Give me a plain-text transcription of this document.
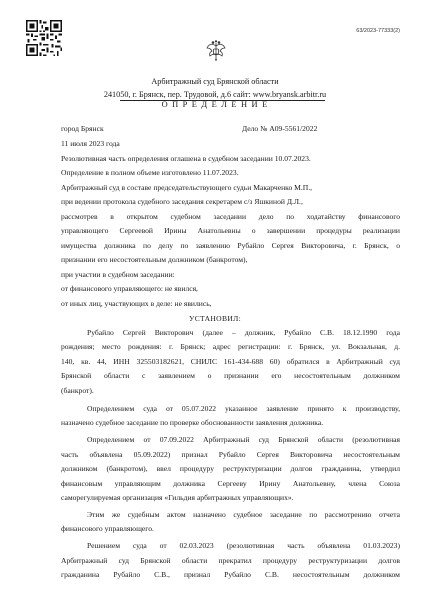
63/2023-77333(2)
Арбитражный суд Брянской области
241050, г. Брянск, пер. Трудовой, д.6 сайт: www.bryansk.arbitr.ru
О П Р Е Д Е Л Е Н И Е
город Брянск	Дело № А09-5561/2022
11 июля 2023 года
Резолютивная часть определения оглашена в судебном заседании 10.07.2023.
Определение в полном объеме изготовлено 11.07.2023.
Арбитражный суд в составе председательствующего судьи Макарченко М.П.,
при ведении протокола судебного заседания секретарем с/з Яшкиной Д.Л.,
рассмотрев в открытом судебном заседании дело по ходатайству финансового
управляющего Сергеевой Ирины Анатольевны о завершении процедуры реализации
имущества должника по делу по заявлению Рубайло Сергея Викторовича, г. Брянск, о
признании его несостоятельным должником (банкротом),
при участии в судебном заседании:
от финансового управляющего: не явился,
от иных лиц, участвующих в деле: не явились,
УСТАНОВИЛ:
Рубайло Сергей Викторович (далее – должник, Рубайло С.В. 18.12.1990 года
рождения; место рождения: г. Брянск; адрес регистрации: г. Брянск, ул. Вокзальная, д.
140, кв. 44, ИНН 325503182621, СНИЛС 161-434-688 60) обратился в Арбитражный суд
Брянской области с заявлением о признании его несостоятельным должником
(банкрот).
Определением суда от 05.07.2022 указанное заявление принято к производству,
назначено судебное заседание по проверке обоснованности заявления должника.
Определением от 07.09.2022 Арбитражный суд Брянской области (резолютивная
часть объявлена 05.09.2022) признал Рубайло Сергея Викторовича несостоятельным
должником (банкротом), ввел процедуру реструктуризации долгов гражданина, утвердил
финансовым управляющим должника Сергееву Ирину Анатольевну, члена Союза
саморегулируемая организация «Гильдия арбитражных управляющих».
Этим же судебным актом назначено судебное заседание по рассмотрению отчета
финансового управляющего.
Решением суда от 02.03.2023 (резолютивная часть объявлена 01.03.2023)
Арбитражный суд Брянской области прекратил процедуру реструктуризации долгов
гражданина Рубайло С.В., признал Рубайло С.В. несостоятельным должником
